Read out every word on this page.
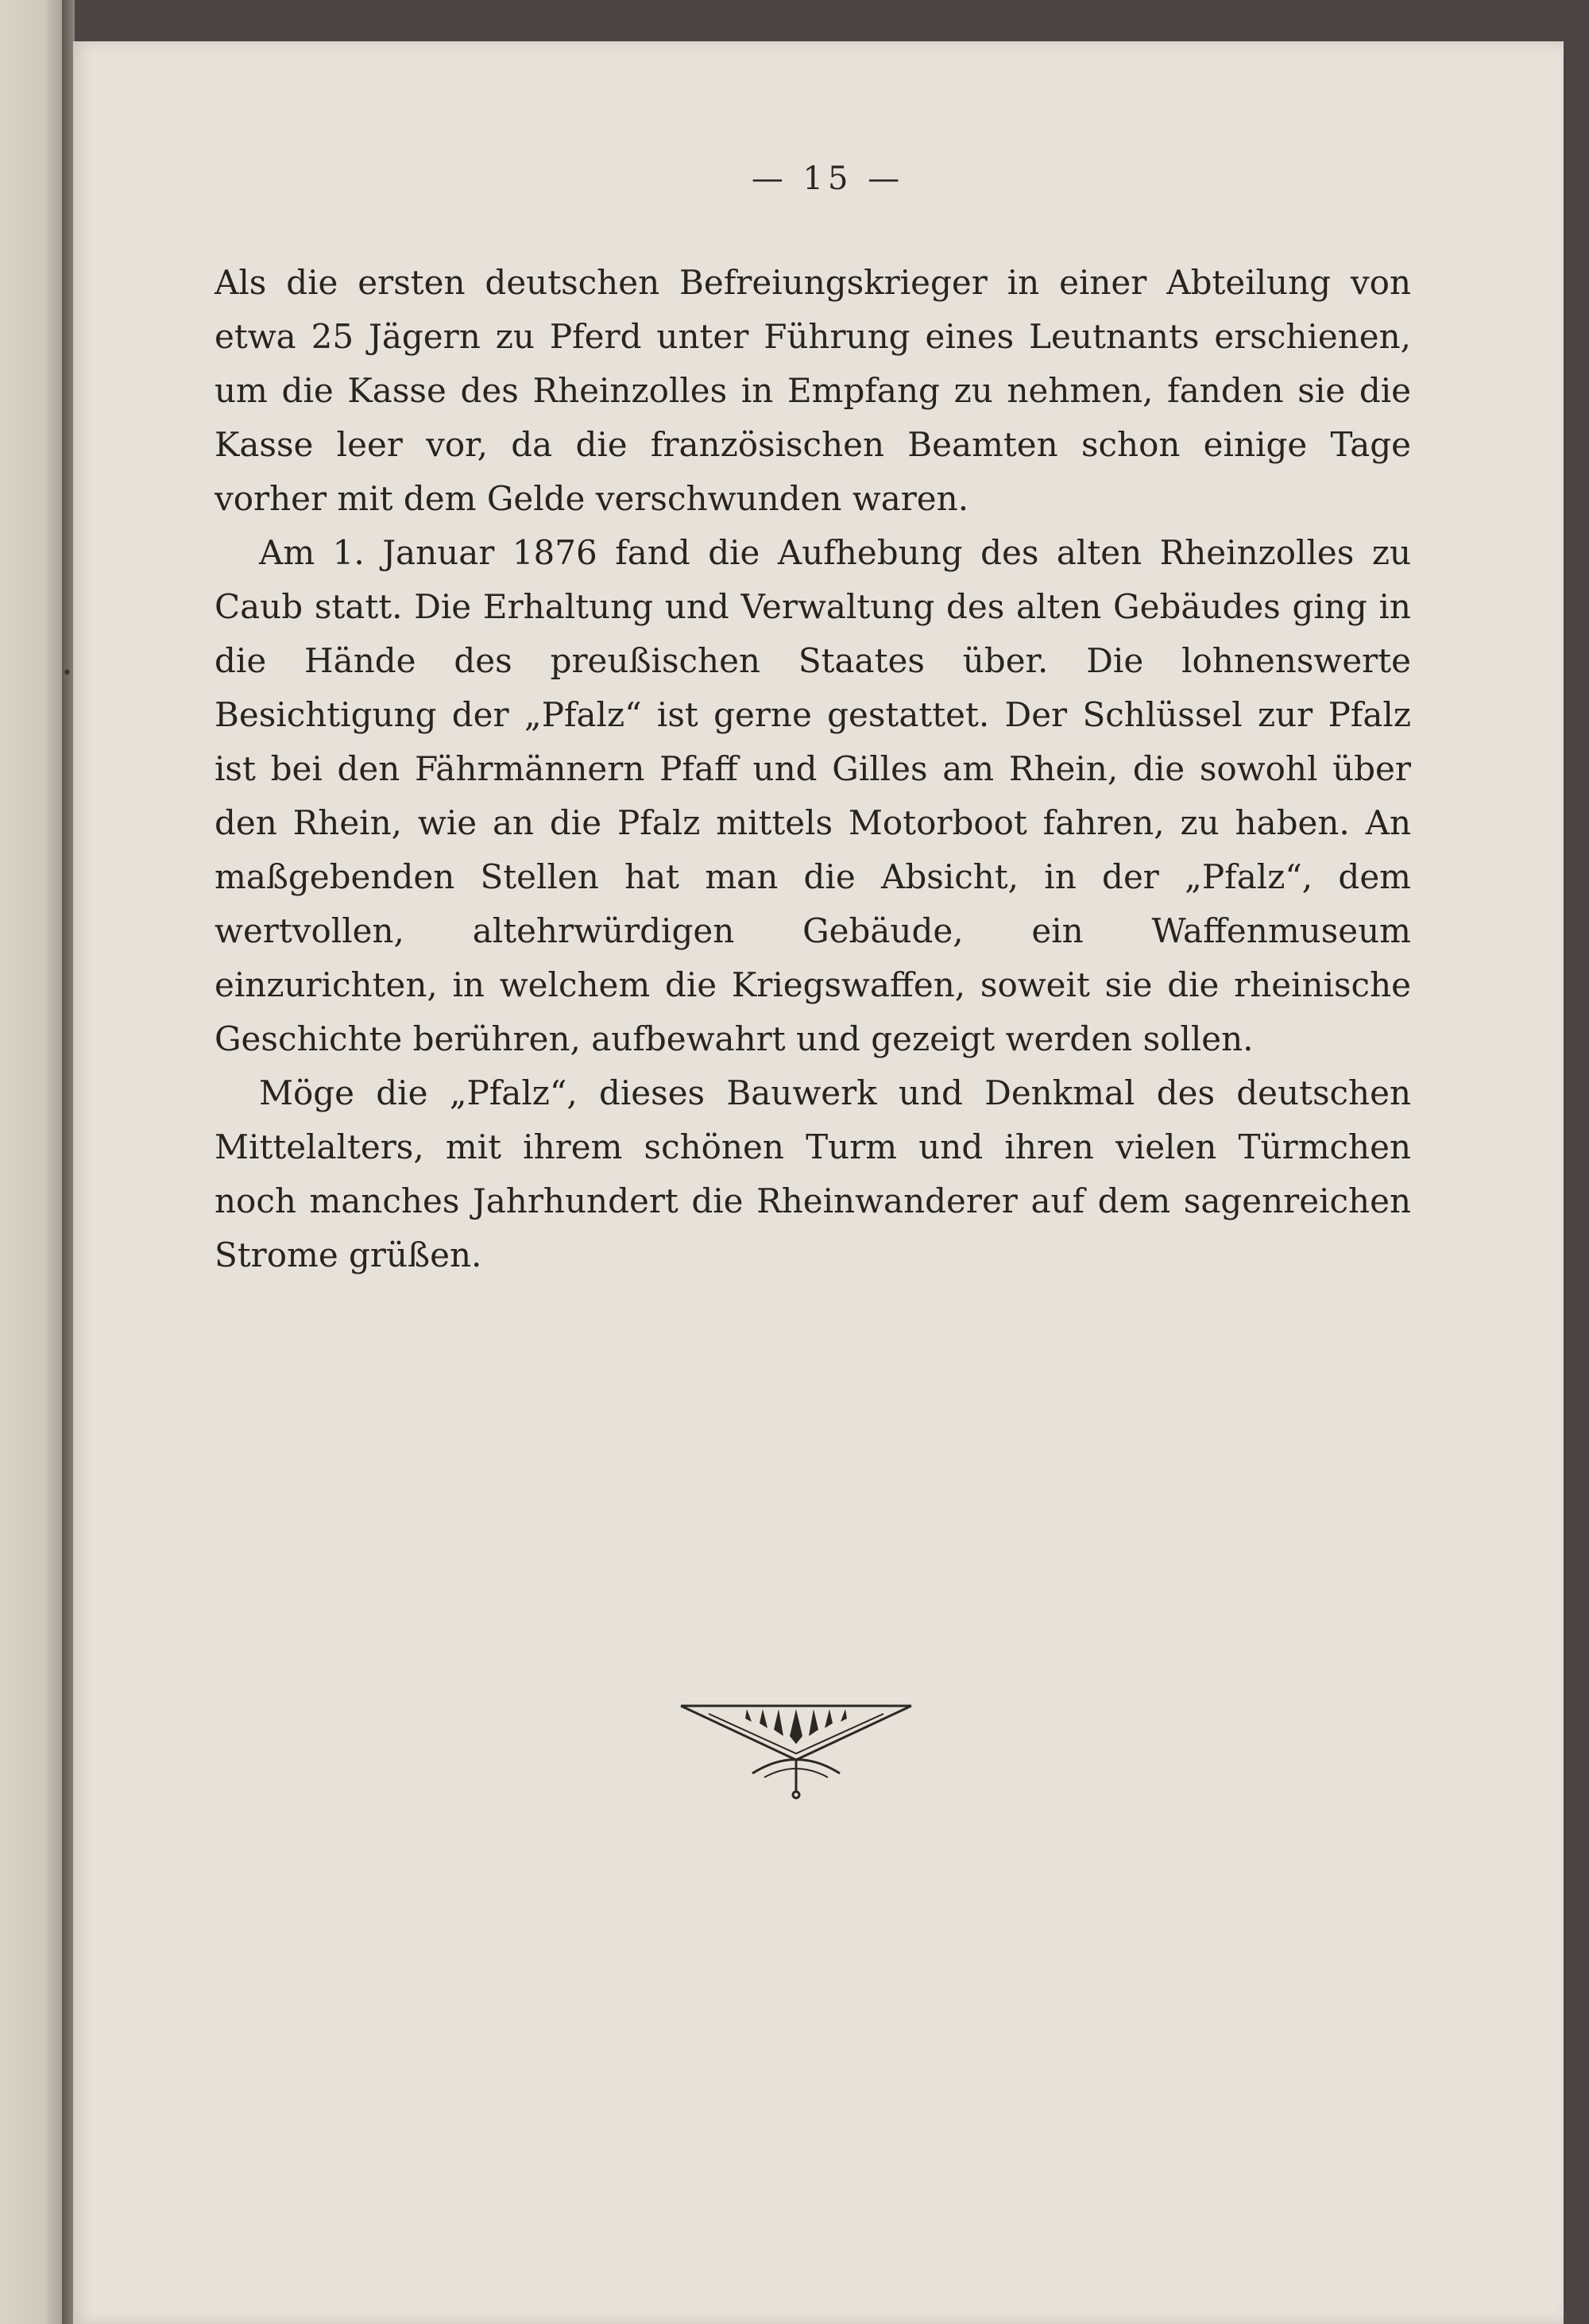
— 15 —

Als die ersten deutschen Befreiungskrieger in einer Abteilung von etwa 25 Jägern zu Pferd unter Führung eines Leutnants erschienen, um die Kasse des Rheinzolles in Empfang zu nehmen, fanden sie die Kasse leer vor, da die französischen Beamten schon einige Tage vorher mit dem Gelde verschwunden waren.

Am 1. Januar 1876 fand die Aufhebung des alten Rheinzolles zu Caub statt. Die Erhaltung und Verwaltung des alten Gebäudes ging in die Hände des preußischen Staates über. Die lohnenswerte Besichtigung der „Pfalz“ ist gerne gestattet. Der Schlüssel zur Pfalz ist bei den Fährmännern Pfaff und Gilles am Rhein, die sowohl über den Rhein, wie an die Pfalz mittels Motorboot fahren, zu haben. An maßgebenden Stellen hat man die Absicht, in der „Pfalz“, dem wertvollen, altehrwürdigen Gebäude, ein Waffenmuseum einzurichten, in welchem die Kriegswaffen, soweit sie die rheinische Geschichte berühren, aufbewahrt und gezeigt werden sollen.

Möge die „Pfalz“, dieses Bauwerk und Denkmal des deutschen Mittelalters, mit ihrem schönen Turm und ihren vielen Türmchen noch manches Jahrhundert die Rheinwanderer auf dem sagenreichen Strome grüßen.

•
